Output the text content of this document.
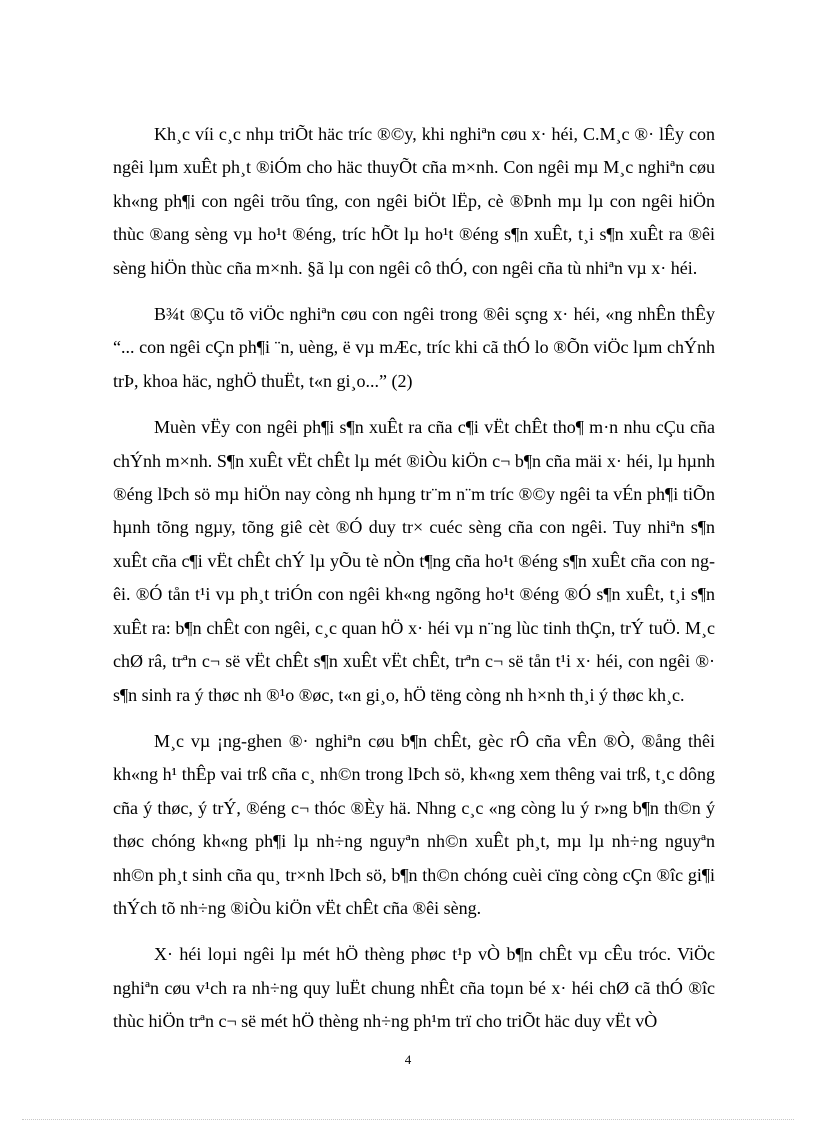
Kh¸c víi c¸c nhµ triÕt häc tríc ®©y, khi nghiªn cøu x· héi, C.M¸c ®· lÊy con ngêi lµm xuÊt ph¸t ®iÓm cho häc thuyÕt cña m×nh. Con ngêi mµ M¸c nghiªn cøu kh«ng ph¶i con ngêi trõu tîng, con ngêi biÖt lËp, cè ®Þnh mµ lµ con ngêi hiÖn thùc ®ang sèng vµ ho¹t ®éng, tríc hÕt lµ ho¹t ®éng s¶n xuÊt, t¸i s¶n xuÊt ra ®êi sèng hiÖn thùc cña m×nh. §ã lµ con ngêi cô thÓ, con ngêi cña tù nhiªn vµ x· héi.

B¾t ®Çu tõ viÖc nghiªn cøu con ngêi trong ®êi sçng x· héi, «ng nhÊn thÊy “... con ngêi cÇn ph¶i ¨n, uèng, ë vµ mÆc, tríc khi cã thÓ lo ®Õn viÖc lµm chÝnh trÞ, khoa häc, nghÖ thuËt, t«n gi¸o...” (2)

Muèn vËy con ngêi ph¶i s¶n xuÊt ra cña c¶i vËt chÊt tho¶ m·n nhu cÇu cña chÝnh m×nh. S¶n xuÊt vËt chÊt lµ mét ®iÒu kiÖn c¬ b¶n cña mäi x· héi, lµ hµnh ®éng lÞch sö mµ hiÖn nay còng nh hµng tr¨m n¨m tríc ®©y ngêi ta vÉn ph¶i tiÕn hµnh tõng ngµy, tõng giê cèt ®Ó duy tr× cuéc sèng cña con ngêi. Tuy nhiªn s¶n xuÊt cña c¶i vËt chÊt chÝ lµ yÕu tè nÒn t¶ng cña ho¹t ®éng s¶n xuÊt cña con ngêi. ®Ó tån t¹i vµ ph¸t triÓn con ngêi kh«ng ngõng ho¹t ®éng ®Ó s¶n xuÊt, t¸i s¶n xuÊt ra: b¶n chÊt con ngêi, c¸c quan hÖ x· héi vµ n¨ng lùc tinh thÇn, trÝ tuÖ. M¸c chØ râ, trªn c¬ së vËt chÊt s¶n xuÊt vËt chÊt, trªn c¬ së tån t¹i x· héi, con ngêi ®· s¶n sinh ra ý thøc nh ®¹o ®øc, t«n gi¸o, hÖ tëng còng nh h×nh th¸i ý thøc kh¸c.

M¸c vµ ¡ng-ghen ®· nghiªn cøu b¶n chÊt, gèc rÔ cña vÊn ®Ò, ®ång thêi kh«ng h¹ thÊp vai trß cña c¸ nh©n trong lÞch sö, kh«ng xem thêng vai trß, t¸c dông cña ý thøc, ý trÝ, ®éng c¬ thóc ®Èy hä. Nhng c¸c «ng còng lu ý r»ng b¶n th©n ý thøc chóng kh«ng ph¶i lµ nh÷ng nguyªn nh©n xuÊt ph¸t, mµ lµ nh÷ng nguyªn nh©n ph¸t sinh cña qu¸ tr×nh lÞch sö, b¶n th©n chóng cuèi cïng còng cÇn ®îc gi¶i thÝch tõ nh÷ng ®iÒu kiÖn vËt chÊt cña ®êi sèng.

X· héi loµi ngêi lµ mét hÖ thèng phøc t¹p vÒ b¶n chÊt vµ cÊu tróc. ViÖc nghiªn cøu v¹ch ra nh÷ng quy luËt chung nhÊt cña toµn bé x· héi chØ cã thÓ ®îc thùc hiÖn trªn c¬ së mét hÖ thèng nh÷ng ph¹m trï cho triÕt häc duy vËt vÒ

4
